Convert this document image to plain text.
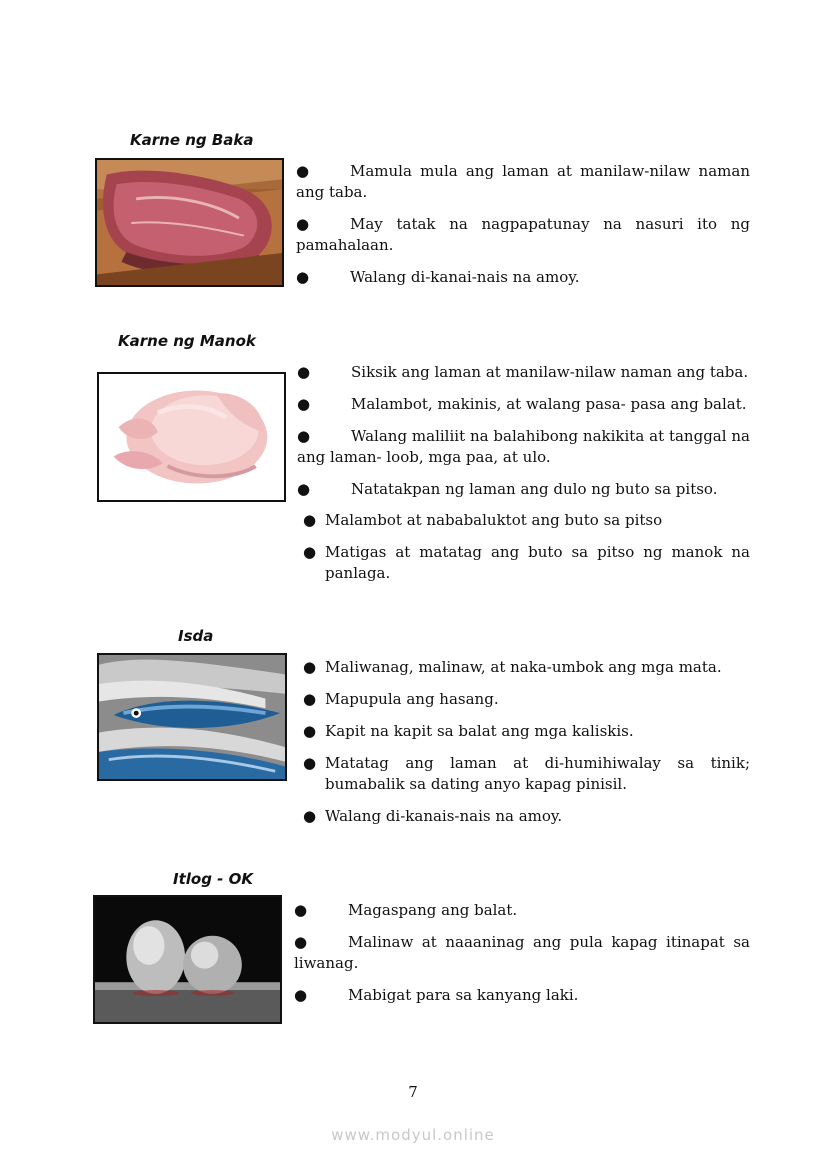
Karne ng Baka
●	Mamula mula ang laman at manilaw-nilaw naman ang taba.
●	May tatak na nagpapatunay na nasuri ito ng pamahalaan.
●	Walang di-kanai-nais na amoy.
Karne ng Manok
●	Siksik ang laman at manilaw-nilaw naman ang taba.
●	Malambot, makinis, at walang pasa- pasa ang balat.
●	Walang maliliit na balahibong nakikita at tanggal na ang laman- loob, mga paa, at ulo.
●	Natatakpan ng laman ang dulo ng buto sa pitso.
● Malambot at nababaluktot ang buto sa pitso
● Matigas at matatag ang buto sa pitso ng manok na panlaga.
Isda
● Maliwanag, malinaw, at naka-umbok ang mga mata.
● Mapupula ang hasang.
● Kapit na kapit sa balat ang mga kaliskis.
● Matatag ang laman at di-humihiwalay sa tinik; bumabalik sa dating anyo kapag pinisil.
● Walang di-kanais-nais na amoy.
Itlog - OK
●	Magaspang ang balat.
●	Malinaw at naaaninag ang pula kapag itinapat sa liwanag.
●	Mabigat para sa kanyang laki.
7
www.modyul.online
